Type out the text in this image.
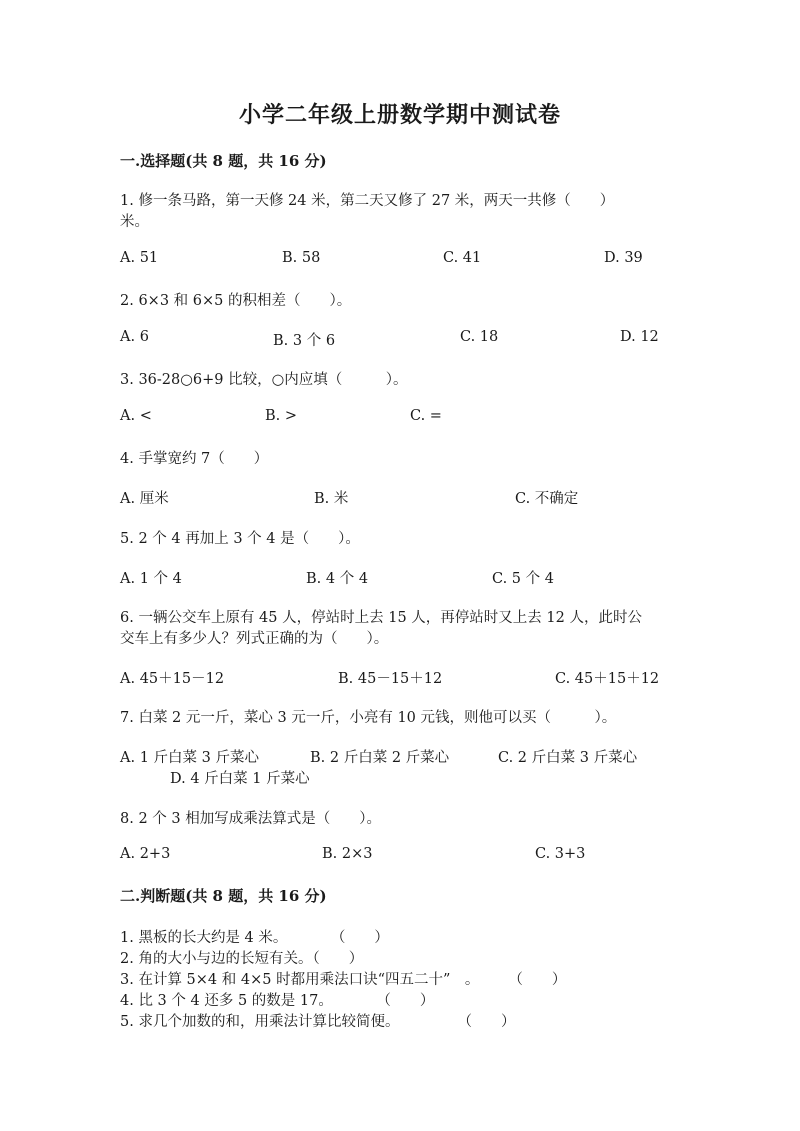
小学二年级上册数学期中测试卷
一.选择题(共 8 题，共 16 分)
1. 修一条马路，第一天修 24 米，第二天又修了 27 米，两天一共修（　　）
米。
A. 51	B. 58	C. 41	D. 39
2. 6×3 和 6×5 的积相差（　　）。
A. 6	B. 3 个 6	C. 18	D. 12
3. 36-28○6+9 比较，○内应填（　　　）。
A. <	B. >	C. =
4. 手掌宽约 7（　　）
A. 厘米	B. 米	C. 不确定
5. 2 个 4 再加上 3 个 4 是（　　）。
A. 1 个 4	B. 4 个 4	C. 5 个 4
6. 一辆公交车上原有 45 人，停站时上去 15 人，再停站时又上去 12 人，此时公
交车上有多少人？列式正确的为（　　）。
A. 45＋15－12	B. 45－15＋12	C. 45＋15＋12
7. 白菜 2 元一斤，菜心 3 元一斤，小亮有 10 元钱，则他可以买（　　　）。
A. 1 斤白菜 3 斤菜心	B. 2 斤白菜 2 斤菜心	C. 2 斤白菜 3 斤菜心
D. 4 斤白菜 1 斤菜心
8. 2 个 3 相加写成乘法算式是（　　）。
A. 2+3	B. 2×3	C. 3+3
二.判断题(共 8 题，共 16 分)
1. 黑板的长大约是 4 米。　　　　（　　）
2. 角的大小与边的长短有关。（　　）
3. 在计算 5×4 和 4×5 时都用乘法口诀“四五二十”　。　　　（　　）
4. 比 3 个 4 还多 5 的数是 17。　　　　（　　）
5. 求几个加数的和，用乘法计算比较简便。　　　　　（　　）
